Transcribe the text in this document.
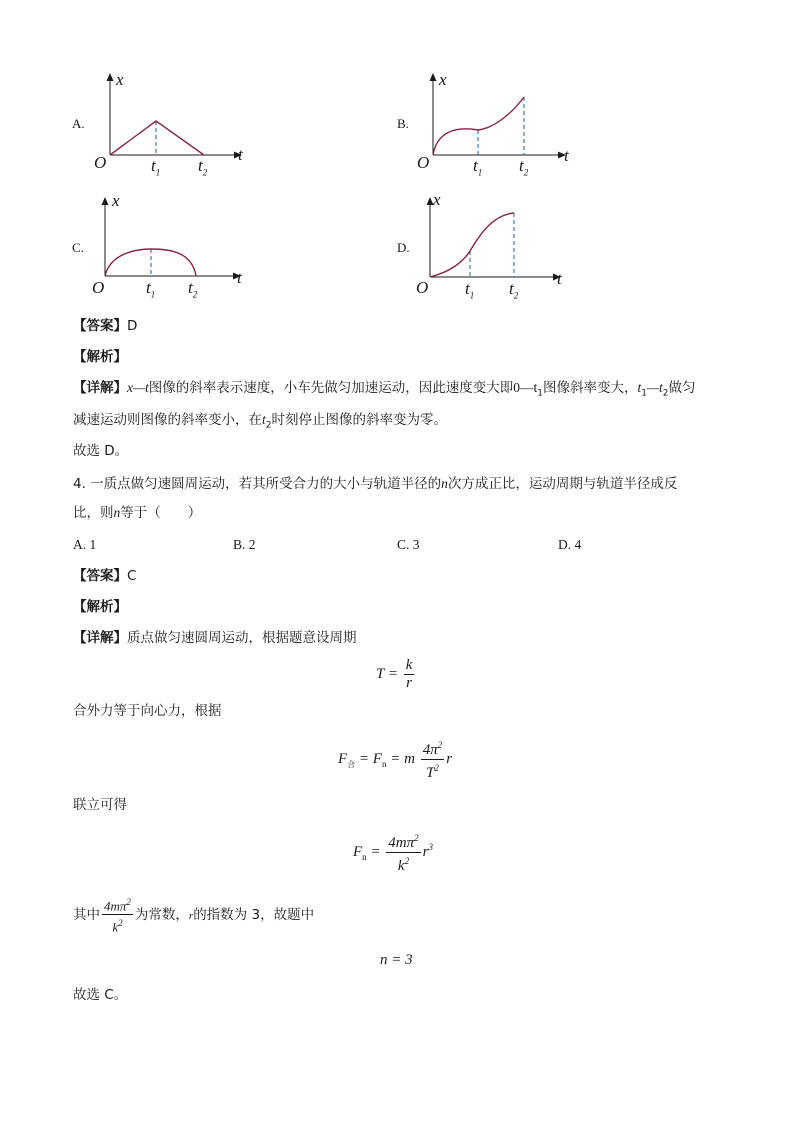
A.
x
t
O	$t_1$ $t_2$
B.
x
t
O	$t_1$ $t_2$
C.
x
t
O $t_1$ $t_2$
D.
x
t
O $t_1$ $t_2$
【答案】D
【解析】
【详解】x—t图像的斜率表示速度，小车先做匀加速运动，因此速度变大即$0—t_1$图像斜率变大，$t_1—t_2$做匀
减速运动则图像的斜率变小，在$t_2$时刻停止图像的斜率变为零。
故选 D。
4. 一质点做匀速圆周运动，若其所受合力的大小与轨道半径的n次方成正比，运动周期与轨道半径成反
比，则n等于（　　）
A. 1	B. 2	C. 3	D. 4
【答案】C
【解析】
【详解】质点做匀速圆周运动，根据题意设周期
$T = \frac{k}{r}$
合外力等于向心力，根据
$F_合 = F_n = m \frac{4\pi^2}{T^2}$ r
联立可得
$F_n = \frac{4m\pi^2}{k^2} r^3$
其中 $\frac{4m\pi^2}{k^2}$ 为常数，r的指数为 3，故题中
n = 3
故选 C。
